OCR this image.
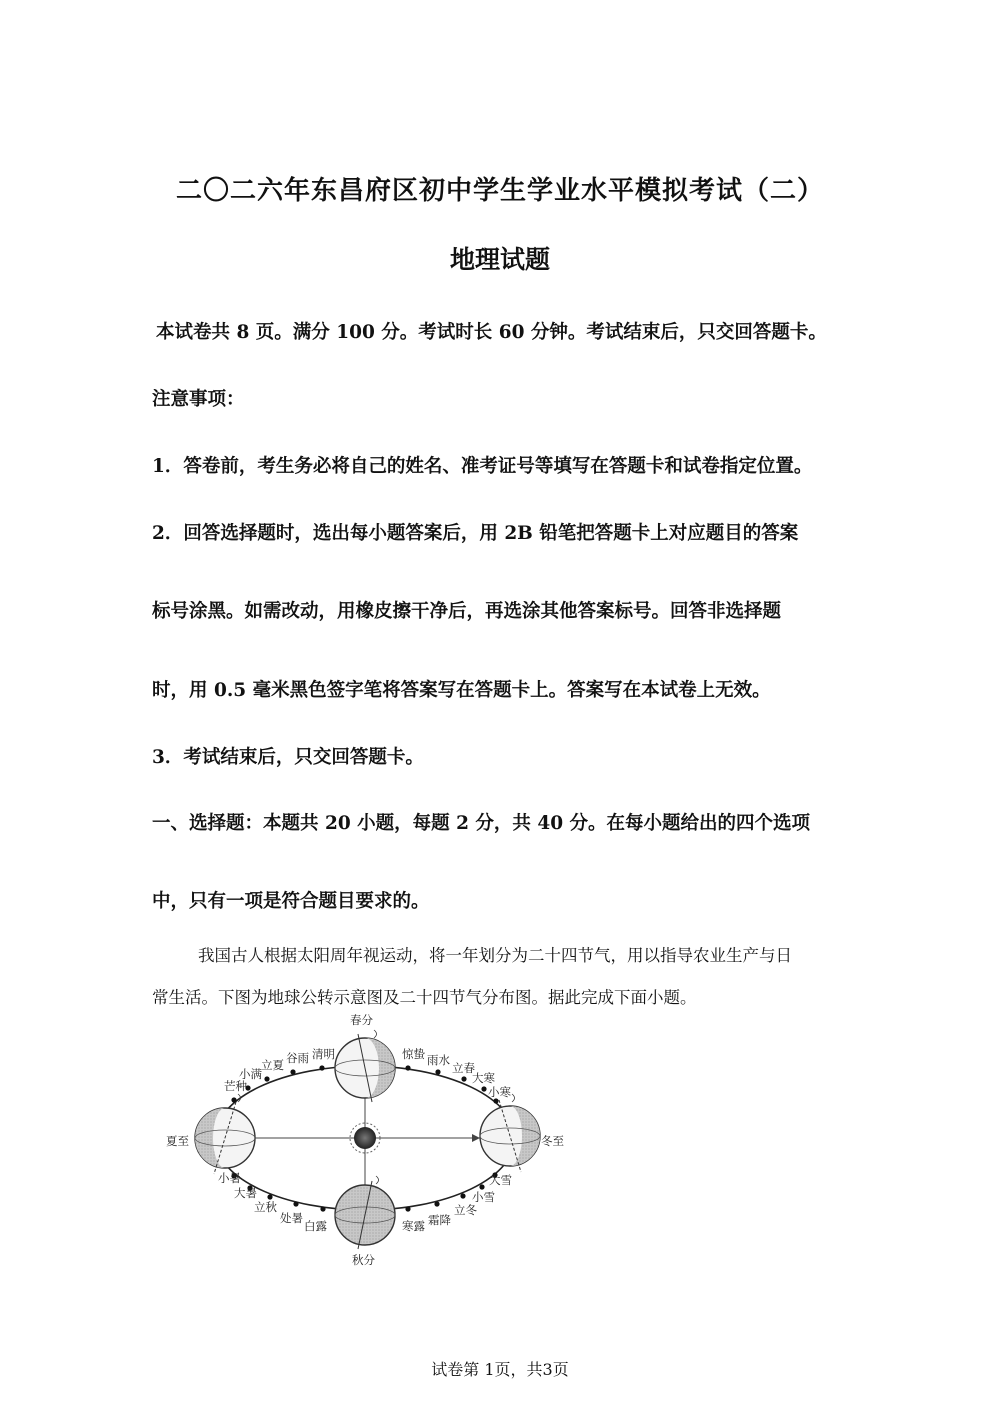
二〇二六年东昌府区初中学生学业水平模拟考试（二）
地理试题
本试卷共 8 页。满分 100 分。考试时长 60 分钟。考试结束后，只交回答题卡。
注意事项：
1．答卷前，考生务必将自己的姓名、准考证号等填写在答题卡和试卷指定位置。
2．回答选择题时，选出每小题答案后，用 2B 铅笔把答题卡上对应题目的答案
标号涂黑。如需改动，用橡皮擦干净后，再选涂其他答案标号。回答非选择题
时，用 0.5 毫米黑色签字笔将答案写在答题卡上。答案写在本试卷上无效。
3．考试结束后，只交回答题卡。
一、选择题：本题共 20 小题，每题 2 分，共 40 分。在每小题给出的四个选项
中，只有一项是符合题目要求的。
我国古人根据太阳周年视运动，将一年划分为二十四节气，用以指导农业生产与日
常生活。下图为地球公转示意图及二十四节气分布图。据此完成下面小题。
春分
夏至
秋分
冬至
清明
谷雨
立夏
小满
芒种
惊蛰 雨水
立春
大寒
小寒
小暑
大暑
立秋
处暑
白露	寒露 霜降
立冬
小雪
大雪
试卷第 1页，共3页
